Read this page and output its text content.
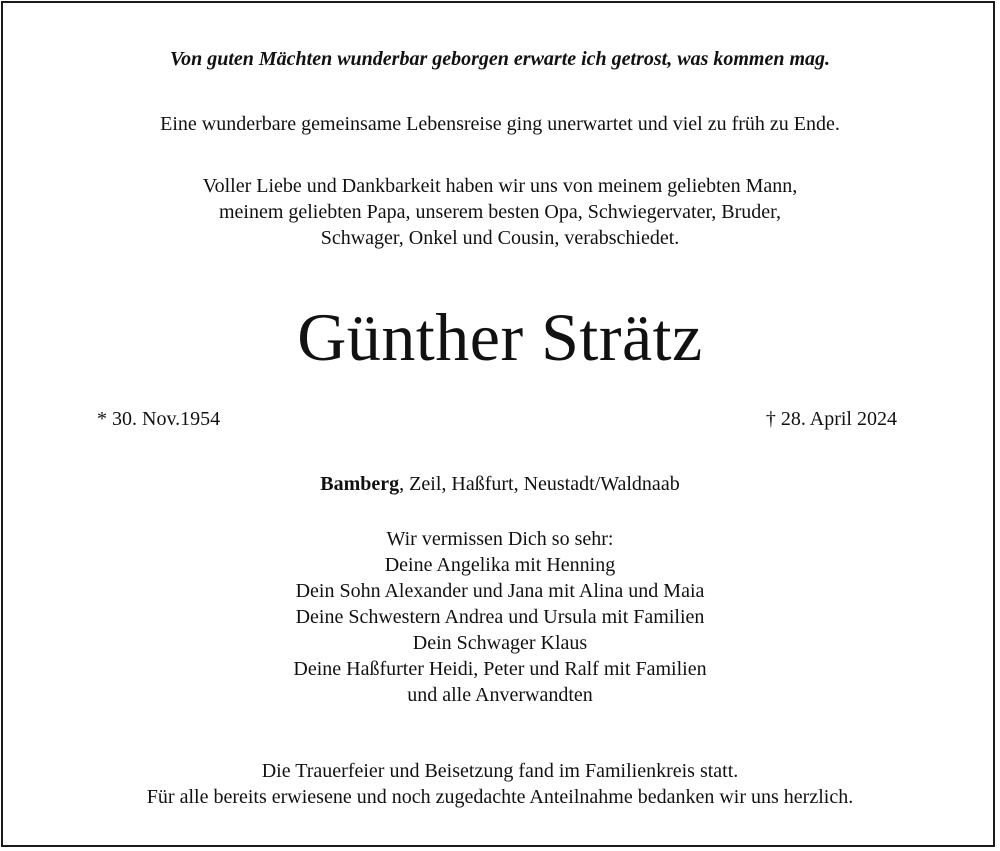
Von guten Mächten wunderbar geborgen erwarte ich getrost, was kommen mag.
Eine wunderbare gemeinsame Lebensreise ging unerwartet und viel zu früh zu Ende.
Voller Liebe und Dankbarkeit haben wir uns von meinem geliebten Mann,
meinem geliebten Papa, unserem besten Opa, Schwiegervater, Bruder,
Schwager, Onkel und Cousin, verabschiedet.
Günther Strätz
* 30. Nov.1954	† 28. April 2024
Bamberg, Zeil, Haßfurt, Neustadt/Waldnaab
Wir vermissen Dich so sehr:
Deine Angelika mit Henning
Dein Sohn Alexander und Jana mit Alina und Maia
Deine Schwestern Andrea und Ursula mit Familien
Dein Schwager Klaus
Deine Haßfurter Heidi, Peter und Ralf mit Familien
und alle Anverwandten
Die Trauerfeier und Beisetzung fand im Familienkreis statt.
Für alle bereits erwiesene und noch zugedachte Anteilnahme bedanken wir uns herzlich.
